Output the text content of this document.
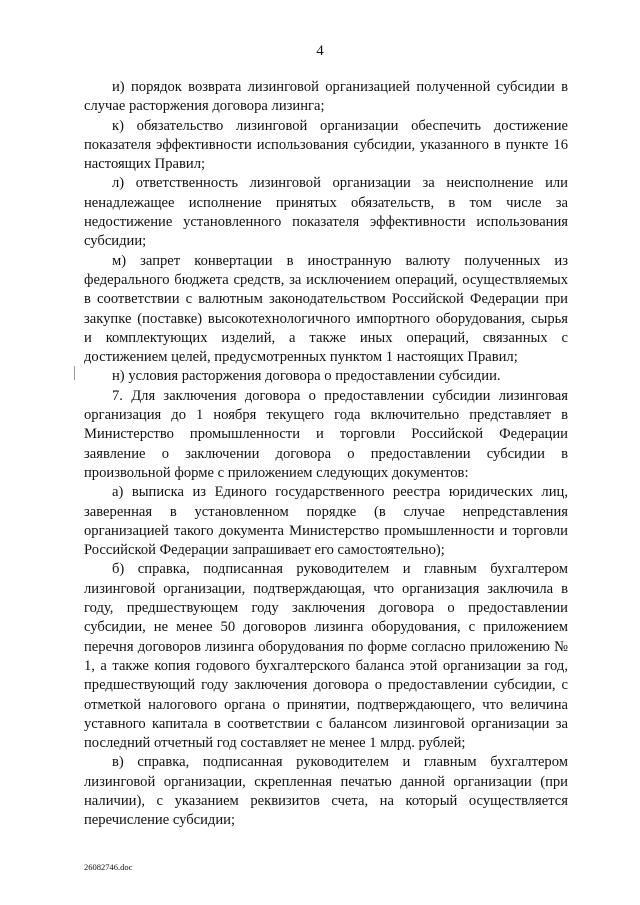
4

и) порядок возврата лизинговой организацией полученной субсидии в случае расторжения договора лизинга;

к) обязательство лизинговой организации обеспечить достижение показателя эффективности использования субсидии, указанного в пункте 16 настоящих Правил;

л) ответственность лизинговой организации за неисполнение или ненадлежащее исполнение принятых обязательств, в том числе за недостижение установленного показателя эффективности использования субсидии;

м) запрет конвертации в иностранную валюту полученных из федерального бюджета средств, за исключением операций, осуществляемых в соответствии с валютным законодательством Российской Федерации при закупке (поставке) высокотехнологичного импортного оборудования, сырья и комплектующих изделий, а также иных операций, связанных с достижением целей, предусмотренных пунктом 1 настоящих Правил;

н) условия расторжения договора о предоставлении субсидии.

7. Для заключения договора о предоставлении субсидии лизинговая организация до 1 ноября текущего года включительно представляет в Министерство промышленности и торговли Российской Федерации заявление о заключении договора о предоставлении субсидии в произвольной форме с приложением следующих документов:

а) выписка из Единого государственного реестра юридических лиц, заверенная в установленном порядке (в случае непредставления организацией такого документа Министерство промышленности и торговли Российской Федерации запрашивает его самостоятельно);

б) справка, подписанная руководителем и главным бухгалтером лизинговой организации, подтверждающая, что организация заключила в году, предшествующем году заключения договора о предоставлении субсидии, не менее 50 договоров лизинга оборудования, с приложением перечня договоров лизинга оборудования по форме согласно приложению № 1, а также копия годового бухгалтерского баланса этой организации за год, предшествующий году заключения договора о предоставлении субсидии, с отметкой налогового органа о принятии, подтверждающего, что величина уставного капитала в соответствии с балансом лизинговой организации за последний отчетный год составляет не менее 1 млрд. рублей;

в) справка, подписанная руководителем и главным бухгалтером лизинговой организации, скрепленная печатью данной организации (при наличии), с указанием реквизитов счета, на который осуществляется перечисление субсидии;

26082746.doc
